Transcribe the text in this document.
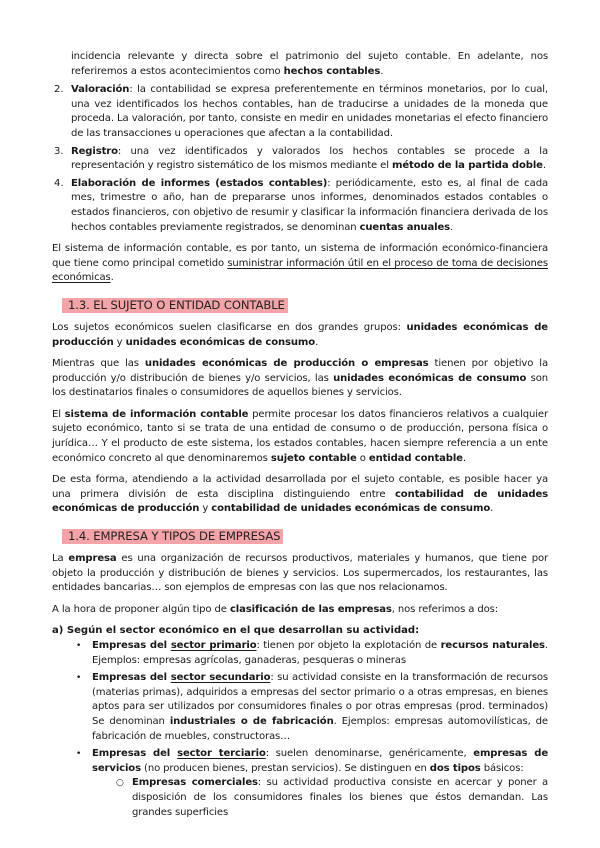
incidencia relevante y directa sobre el patrimonio del sujeto contable. En adelante, nos referiremos a estos acontecimientos como hechos contables.

2. Valoración: la contabilidad se expresa preferentemente en términos monetarios, por lo cual, una vez identificados los hechos contables, han de traducirse a unidades de la moneda que proceda. La valoración, por tanto, consiste en medir en unidades monetarias el efecto financiero de las transacciones u operaciones que afectan a la contabilidad.

3. Registro: una vez identificados y valorados los hechos contables se procede a la representación y registro sistemático de los mismos mediante el método de la partida doble.

4. Elaboración de informes (estados contables): periódicamente, esto es, al final de cada mes, trimestre o año, han de prepararse unos informes, denominados estados contables o estados financieros, con objetivo de resumir y clasificar la información financiera derivada de los hechos contables previamente registrados, se denominan cuentas anuales.

El sistema de información contable, es por tanto, un sistema de información económico-financiera que tiene como principal cometido suministrar información útil en el proceso de toma de decisiones económicas.

1.3. EL SUJETO O ENTIDAD CONTABLE

Los sujetos económicos suelen clasificarse en dos grandes grupos: unidades económicas de producción y unidades económicas de consumo.

Mientras que las unidades económicas de producción o empresas tienen por objetivo la producción y/o distribución de bienes y/o servicios, las unidades económicas de consumo son los destinatarios finales o consumidores de aquellos bienes y servicios.

El sistema de información contable permite procesar los datos financieros relativos a cualquier sujeto económico, tanto si se trata de una entidad de consumo o de producción, persona física o jurídica… Y el producto de este sistema, los estados contables, hacen siempre referencia a un ente económico concreto al que denominaremos sujeto contable o entidad contable.

De esta forma, atendiendo a la actividad desarrollada por el sujeto contable, es posible hacer ya una primera división de esta disciplina distinguiendo entre contabilidad de unidades económicas de producción y contabilidad de unidades económicas de consumo.

1.4. EMPRESA Y TIPOS DE EMPRESAS

La empresa es una organización de recursos productivos, materiales y humanos, que tiene por objeto la producción y distribución de bienes y servicios. Los supermercados, los restaurantes, las entidades bancarias… son ejemplos de empresas con las que nos relacionamos.

A la hora de proponer algún tipo de clasificación de las empresas, nos referimos a dos:

a) Según el sector económico en el que desarrollan su actividad:
• Empresas del sector primario: tienen por objeto la explotación de recursos naturales. Ejemplos: empresas agrícolas, ganaderas, pesqueras o mineras

• Empresas del sector secundario: su actividad consiste en la transformación de recursos (materias primas), adquiridos a empresas del sector primario o a otras empresas, en bienes aptos para ser utilizados por consumidores finales o por otras empresas (prod. terminados) Se denominan industriales o de fabricación. Ejemplos: empresas automovilísticas, de fabricación de muebles, constructoras…

• Empresas del sector terciario: suelen denominarse, genéricamente, empresas de servicios (no producen bienes, prestan servicios). Se distinguen en dos tipos básicos:

○ Empresas comerciales: su actividad productiva consiste en acercar y poner a disposición de los consumidores finales los bienes que éstos demandan. Las grandes superficies
